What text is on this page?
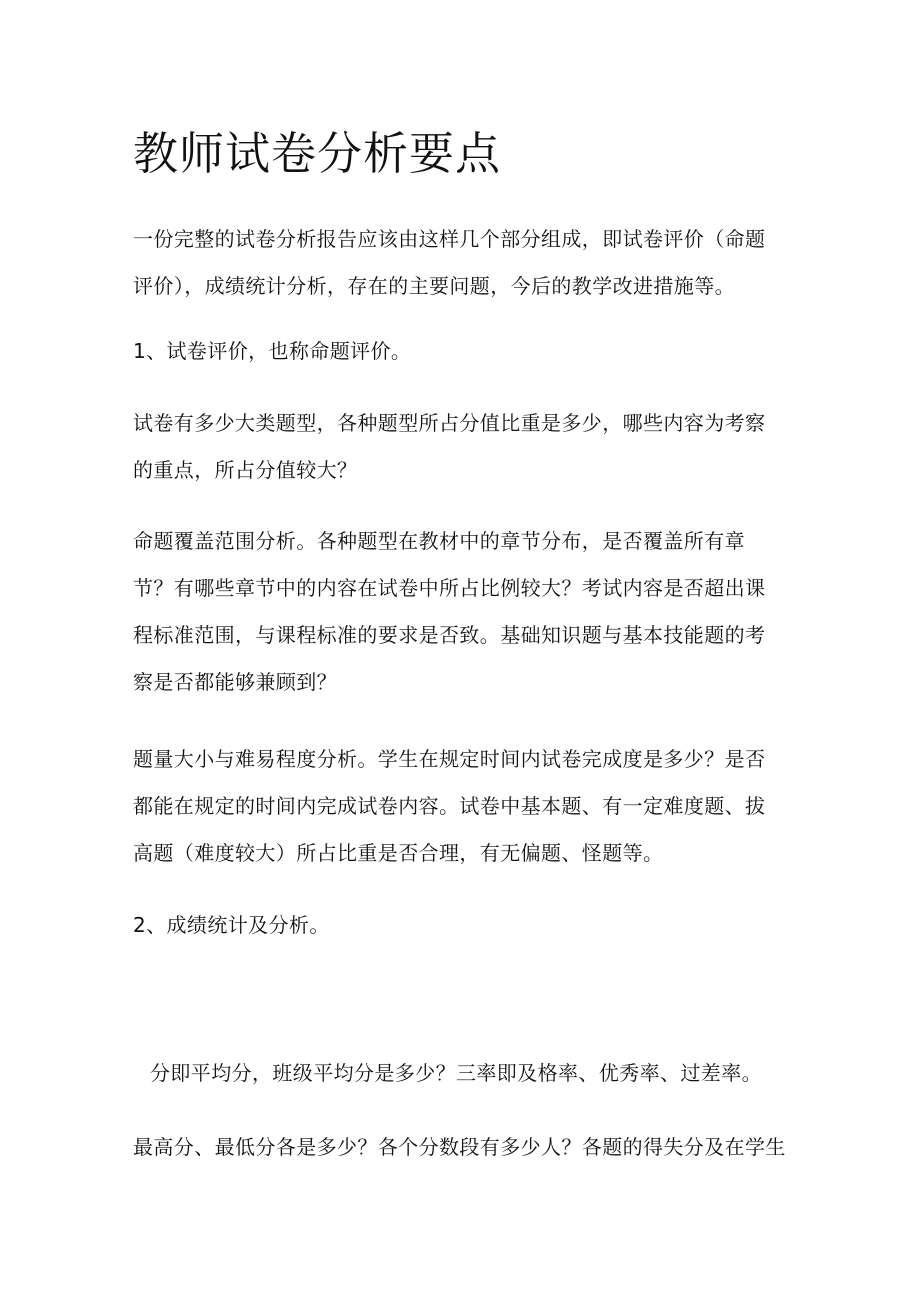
教师试卷分析要点

一份完整的试卷分析报告应该由这样几个部分组成，即试卷评价（命题评价），成绩统计分析，存在的主要问题，今后的教学改进措施等。

1、试卷评价，也称命题评价。

试卷有多少大类题型，各种题型所占分值比重是多少，哪些内容为考察的重点，所占分值较大？

命题覆盖范围分析。各种题型在教材中的章节分布，是否覆盖所有章节？有哪些章节中的内容在试卷中所占比例较大？考试内容是否超出课程标准范围，与课程标准的要求是否致。基础知识题与基本技能题的考察是否都能够兼顾到？

题量大小与难易程度分析。学生在规定时间内试卷完成度是多少？是否都能在规定的时间内完成试卷内容。试卷中基本题、有一定难度题、拔高题（难度较大）所占比重是否合理，有无偏题、怪题等。

2、成绩统计及分析。

分即平均分，班级平均分是多少？三率即及格率、优秀率、过差率。

最高分、最低分各是多少？各个分数段有多少人？各题的得失分及在学生
